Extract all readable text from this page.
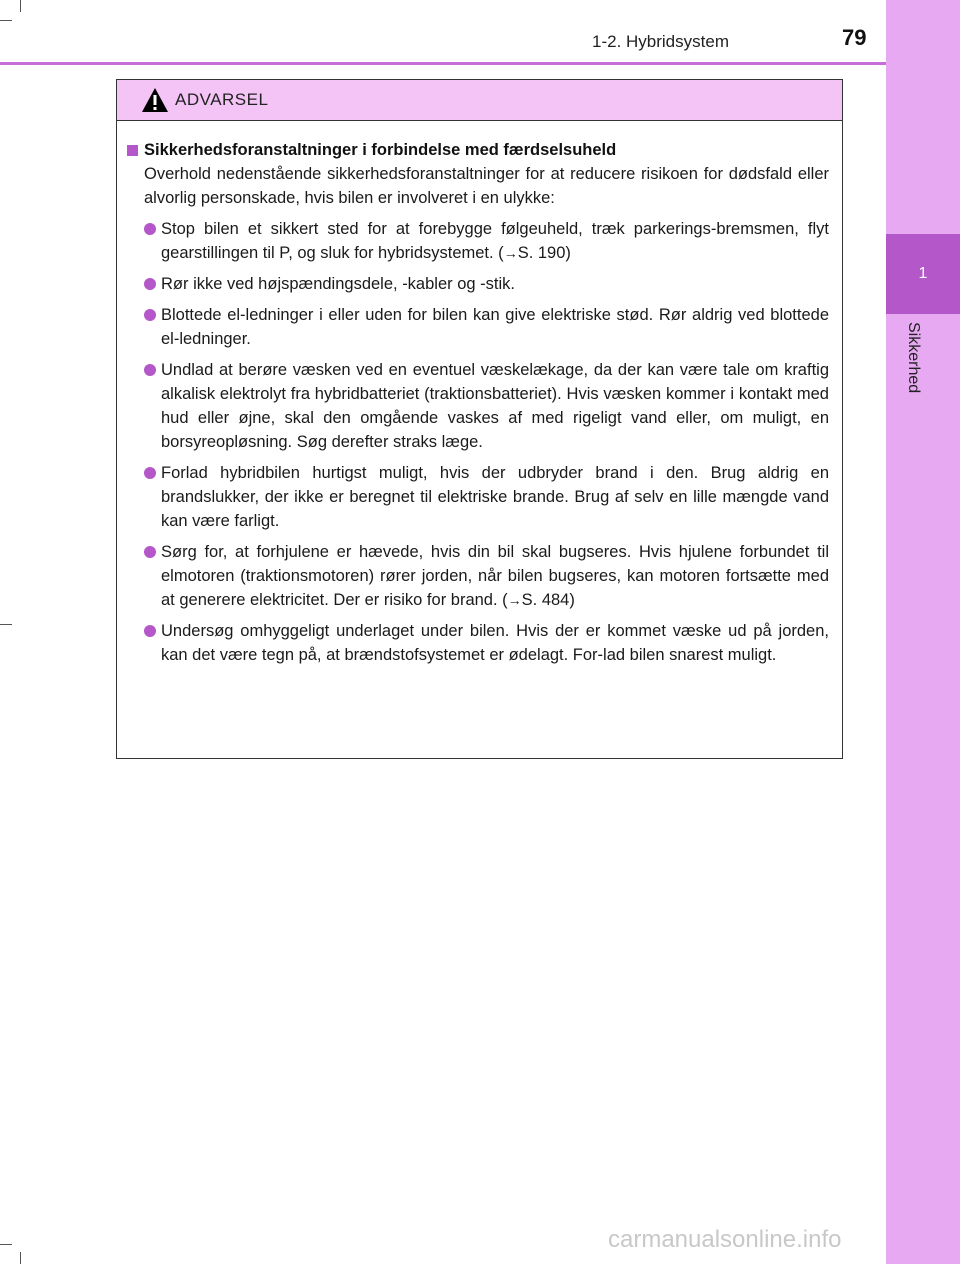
1-2. Hybridsystem	79
1
Sikkerhed
ADVARSEL
Sikkerhedsforanstaltninger i forbindelse med færdselsuheld
Overhold nedenstående sikkerhedsforanstaltninger for at reducere risikoen for dødsfald eller alvorlig personskade, hvis bilen er involveret i en ulykke:
Stop bilen et sikkert sted for at forebygge følgeuheld, træk parkerings-bremsmen, flyt gearstillingen til P, og sluk for hybridsystemet. (→S. 190)
Rør ikke ved højspændingsdele, -kabler og -stik.
Blottede el-ledninger i eller uden for bilen kan give elektriske stød. Rør aldrig ved blottede el-ledninger.
Undlad at berøre væsken ved en eventuel væskelækage, da der kan være tale om kraftig alkalisk elektrolyt fra hybridbatteriet (traktionsbatteriet). Hvis væsken kommer i kontakt med hud eller øjne, skal den omgående vaskes af med rigeligt vand eller, om muligt, en borsyreopløsning. Søg derefter straks læge.
Forlad hybridbilen hurtigst muligt, hvis der udbryder brand i den. Brug aldrig en brandslukker, der ikke er beregnet til elektriske brande. Brug af selv en lille mængde vand kan være farligt.
Sørg for, at forhjulene er hævede, hvis din bil skal bugseres. Hvis hjulene forbundet til elmotoren (traktionsmotoren) rører jorden, når bilen bugseres, kan motoren fortsætte med at generere elektricitet. Der er risiko for brand. (→S. 484)
Undersøg omhyggeligt underlaget under bilen. Hvis der er kommet væske ud på jorden, kan det være tegn på, at brændstofsystemet er ødelagt. For-lad bilen snarest muligt.
carmanualsonline.info
